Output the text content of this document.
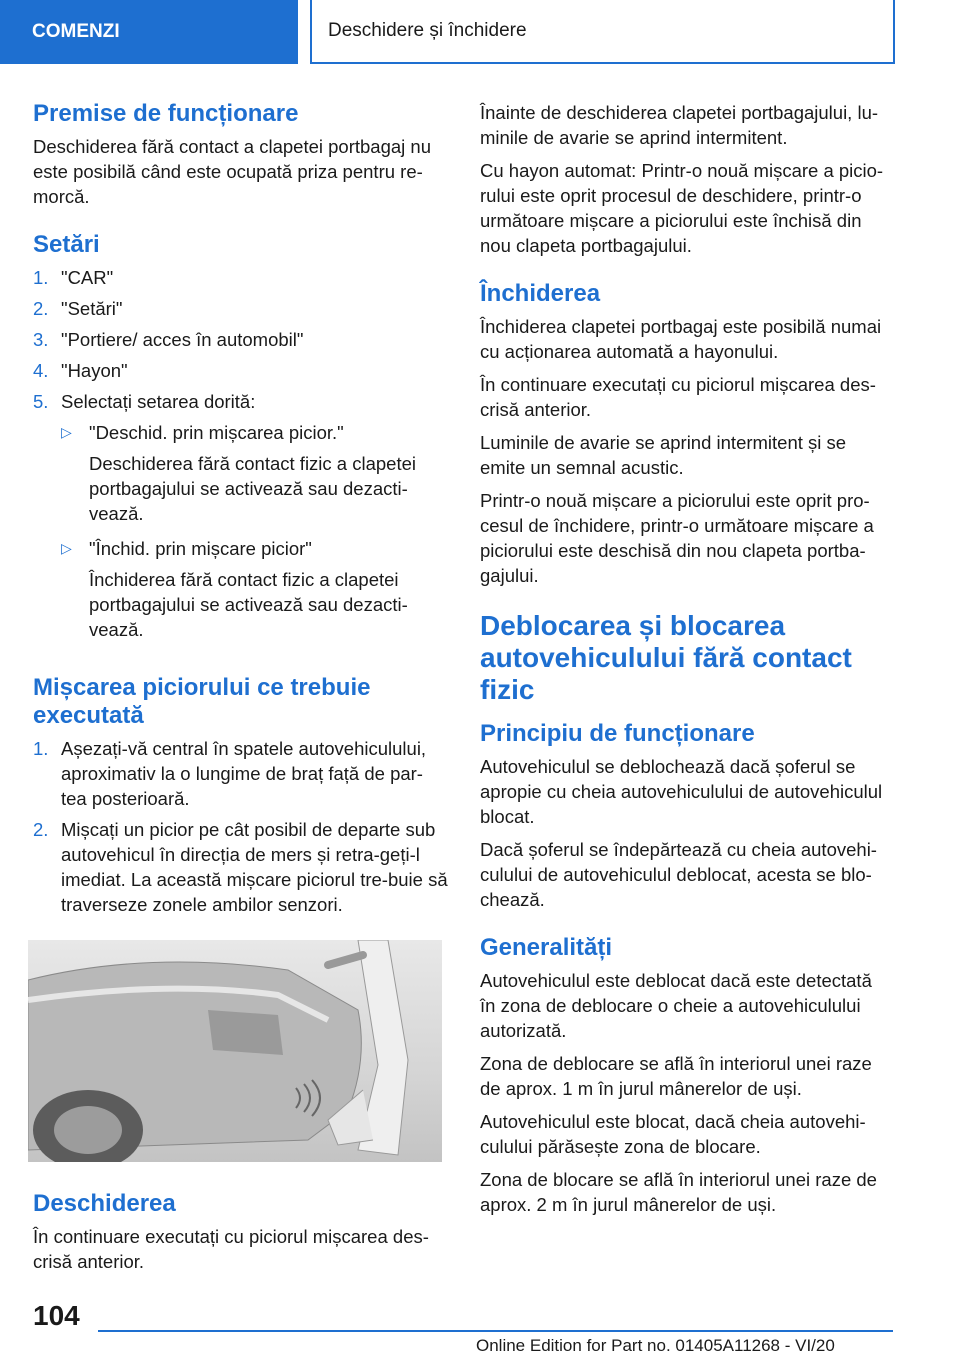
COMENZI	Deschidere și închidere
Premise de funcționare

Deschiderea fără contact a clapetei portbagaj nu este posibilă când este ocupată priza pentru re-morcă.

Setări
1. "CAR"
2. "Setări"
3. "Portiere/ acces în automobil"
4. "Hayon"
5. Selectați setarea dorită:
▷ "Deschid. prin mișcarea picior."
Deschiderea fără contact fizic a clapetei portbagajului se activează sau dezacti-vează.
▷ "Închid. prin mișcare picior"
Închiderea fără contact fizic a clapetei portbagajului se activează sau dezacti-vează.
Mișcarea piciorului ce trebuie executată
1. Așezați-vă central în spatele autovehiculului, aproximativ la o lungime de braț față de par-tea posterioară.
2. Mișcați un picior pe cât posibil de departe sub autovehicul în direcția de mers și retra-geți-l imediat. La această mișcare piciorul tre-buie să traverseze zonele ambilor senzori.
Deschiderea

În continuare executați cu piciorul mișcarea des-crisă anterior.

Înainte de deschiderea clapetei portbagajului, lu-minile de avarie se aprind intermitent.

Cu hayon automat: Printr-o nouă mișcare a picio-rului este oprit procesul de deschidere, printr-o următoare mișcare a piciorului este închisă din nou clapeta portbagajului.

Închiderea

Închiderea clapetei portbagaj este posibilă numai cu acționarea automată a hayonului.

În continuare executați cu piciorul mișcarea des-crisă anterior.

Luminile de avarie se aprind intermitent și se emite un semnal acustic.

Printr-o nouă mișcare a piciorului este oprit pro-cesul de închidere, printr-o următoare mișcare a piciorului este deschisă din nou clapeta portba-gajului.

Deblocarea și blocarea autovehiculului fără contact fizic
Principiu de funcționare

Autovehiculul se deblochează dacă șoferul se apropie cu cheia autovehiculului de autovehiculul blocat.

Dacă șoferul se îndepărtează cu cheia autovehi-culului de autovehiculul deblocat, acesta se blo-chează.

Generalități

Autovehiculul este deblocat dacă este detectată în zona de deblocare o cheie a autovehiculului autorizată.

Zona de deblocare se află în interiorul unei raze de aprox. 1 m în jurul mânerelor de uși.

Autovehiculul este blocat, dacă cheia autovehi-culului părăsește zona de blocare.

Zona de blocare se află în interiorul unei raze de aprox. 2 m în jurul mânerelor de uși.

104
Online Edition for Part no. 01405A11268 - VI/20
